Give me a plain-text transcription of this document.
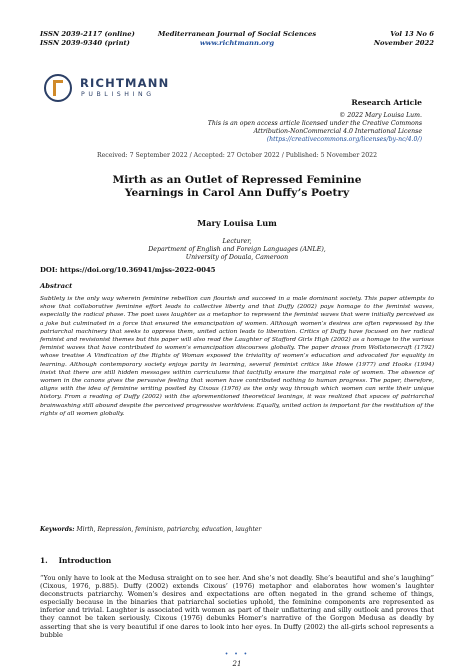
ISSN 2039-2117 (online)
ISSN 2039-9340 (print)
Mediterranean Journal of Social Sciences
www.richtmann.org
Vol 13 No 6
November 2022
RICHTMANN
PUBLISHING
Research Article
© 2022 Mary Louisa Lum.
This is an open access article licensed under the Creative Commons
Attribution-NonCommercial 4.0 International License
(https://creativecommons.org/licenses/by-nc/4.0/)
Received: 7 September 2022 / Accepted: 27 October 2022 / Published: 5 November 2022
Mirth as an Outlet of Repressed Feminine
Yearnings in Carol Ann Duffy’s Poetry
Mary Louisa Lum
Lecturer,
Department of English and Foreign Languages (ANLE),
University of Douala, Cameroon
DOI: https://doi.org/10.36941/mjss-2022-0045
Abstract
Subtlety is the only way wherein feminine rebellion can flourish and succeed in a male dominant society. This paper attempts to show that collaborative feminine effort leads to collective liberty and that Duffy (2002) pays homage to the feminist waves, especially the radical phase. The poet uses laughter as a metaphor to represent the feminist waves that were initially perceived as a joke but culminated in a force that ensured the emancipation of women. Although women’s desires are often repressed by the patriarchal machinery that seeks to oppress them, united action leads to liberation. Critics of Duffy have focused on her radical feminist and revisionist themes but this paper will also read the Laughter of Stafford Girls High (2002) as a homage to the various feminist waves that have contributed to women’s emancipation discourses globally. The paper draws from Wollstonecraft (1792) whose treatise A Vindication of the Rights of Woman exposed the triviality of women’s education and advocated for equality in learning. Although contemporary society enjoys parity in learning, several feminist critics like Howe (1977) and Hooks (1994) insist that there are still hidden messages within curriculums that tactfully ensure the marginal role of women. The absence of women in the canons gives the pervasive feeling that women have contributed nothing to human progress. The paper, therefore, aligns with the idea of feminine writing posited by Cixous (1976) as the only way through which women can write their unique history. From a reading of Duffy (2002) with the aforementioned theoretical leanings, it was realized that spaces of patriarchal brainwashing still abound despite the perceived progressive worldview. Equally, united action is important for the restitution of the rights of all women globally.
Keywords: Mirth, Repression, feminism, patriarchy, education, laughter
1. Introduction
“You only have to look at the Medusa straight on to see her. And she’s not deadly. She’s beautiful and she’s laughing” (Cixous, 1976, p.885). Duffy (2002) extends Cixous’ (1976) metaphor and elaborates how women’s laughter deconstructs patriarchy. Women’s desires and expectations are often negated in the grand scheme of things, especially because in the binaries that patriarchal societies uphold, the feminine components are represented as inferior and trivial. Laughter is associated with women as part of their unflattering and silly outlook and proves that they cannot be taken seriously. Cixous (1976) debunks Homer’s narrative of the Gorgon Medusa as deadly by asserting that she is very beautiful if one dares to look into her eyes. In Duffy (2002) the all-girls school represents a bubble
• • •
21
